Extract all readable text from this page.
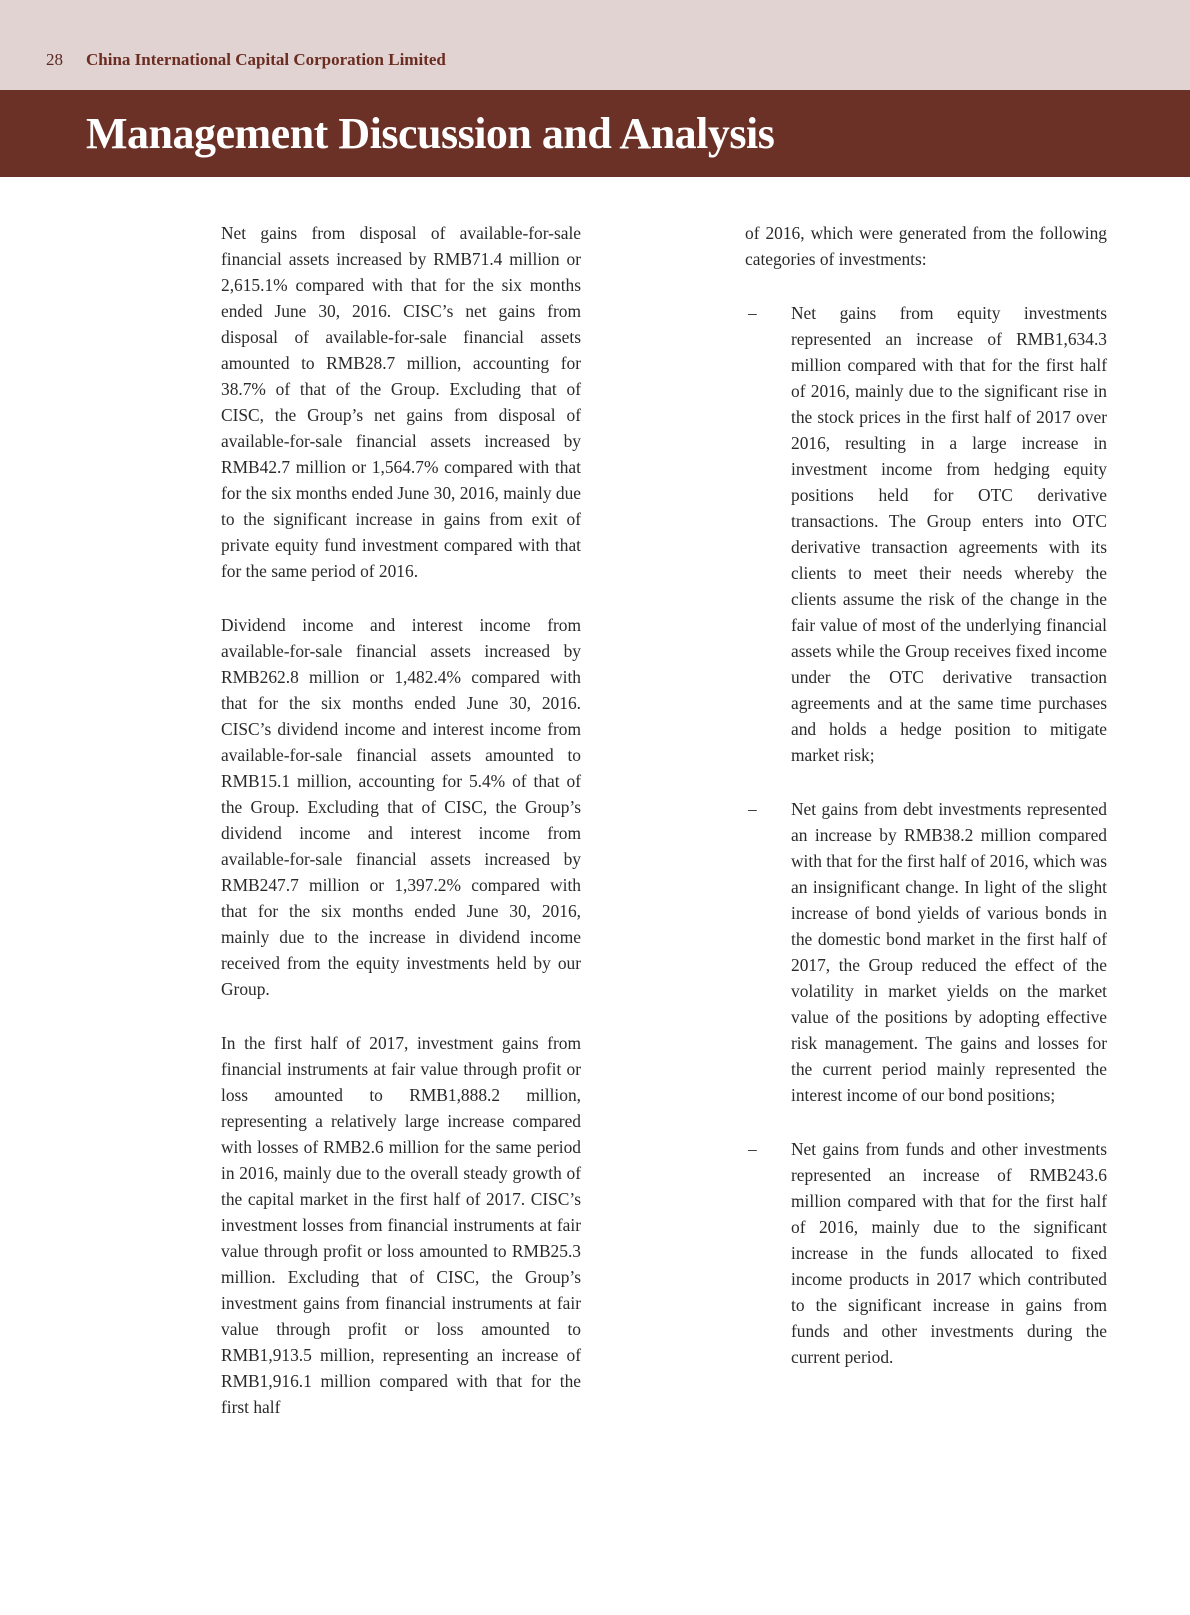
28 China International Capital Corporation Limited
Management Discussion and Analysis

Net gains from disposal of available-for-sale financial assets increased by RMB71.4 million or 2,615.1% compared with that for the six months ended June 30, 2016. CISC’s net gains from disposal of available-for-sale financial assets amounted to RMB28.7 million, accounting for 38.7% of that of the Group. Excluding that of CISC, the Group’s net gains from disposal of available-for-sale financial assets increased by RMB42.7 million or 1,564.7% compared with that for the six months ended June 30, 2016, mainly due to the significant increase in gains from exit of private equity fund investment compared with that for the same period of 2016.

Dividend income and interest income from available-for-sale financial assets increased by RMB262.8 million or 1,482.4% compared with that for the six months ended June 30, 2016. CISC’s dividend income and interest income from available-for-sale financial assets amounted to RMB15.1 million, accounting for 5.4% of that of the Group. Excluding that of CISC, the Group’s dividend income and interest income from available-for-sale financial assets increased by RMB247.7 million or 1,397.2% compared with that for the six months ended June 30, 2016, mainly due to the increase in dividend income received from the equity investments held by our Group.

In the first half of 2017, investment gains from financial instruments at fair value through profit or loss amounted to RMB1,888.2 million, representing a relatively large increase compared with losses of RMB2.6 million for the same period in 2016, mainly due to the overall steady growth of the capital market in the first half of 2017. CISC’s investment losses from financial instruments at fair value through profit or loss amounted to RMB25.3 million. Excluding that of CISC, the Group’s investment gains from financial instruments at fair value through profit or loss amounted to RMB1,913.5 million, representing an increase of RMB1,916.1 million compared with that for the first half

of 2016, which were generated from the following categories of investments:

– Net gains from equity investments represented an increase of RMB1,634.3 million compared with that for the first half of 2016, mainly due to the significant rise in the stock prices in the first half of 2017 over 2016, resulting in a large increase in investment income from hedging equity positions held for OTC derivative transactions. The Group enters into OTC derivative transaction agreements with its clients to meet their needs whereby the clients assume the risk of the change in the fair value of most of the underlying financial assets while the Group receives fixed income under the OTC derivative transaction agreements and at the same time purchases and holds a hedge position to mitigate market risk;
– Net gains from debt investments represented an increase by RMB38.2 million compared with that for the first half of 2016, which was an insignificant change. In light of the slight increase of bond yields of various bonds in the domestic bond market in the first half of 2017, the Group reduced the effect of the volatility in market yields on the market value of the positions by adopting effective risk management. The gains and losses for the current period mainly represented the interest income of our bond positions;
– Net gains from funds and other investments represented an increase of RMB243.6 million compared with that for the first half of 2016, mainly due to the significant increase in the funds allocated to fixed income products in 2017 which contributed to the significant increase in gains from funds and other investments during the current period.
